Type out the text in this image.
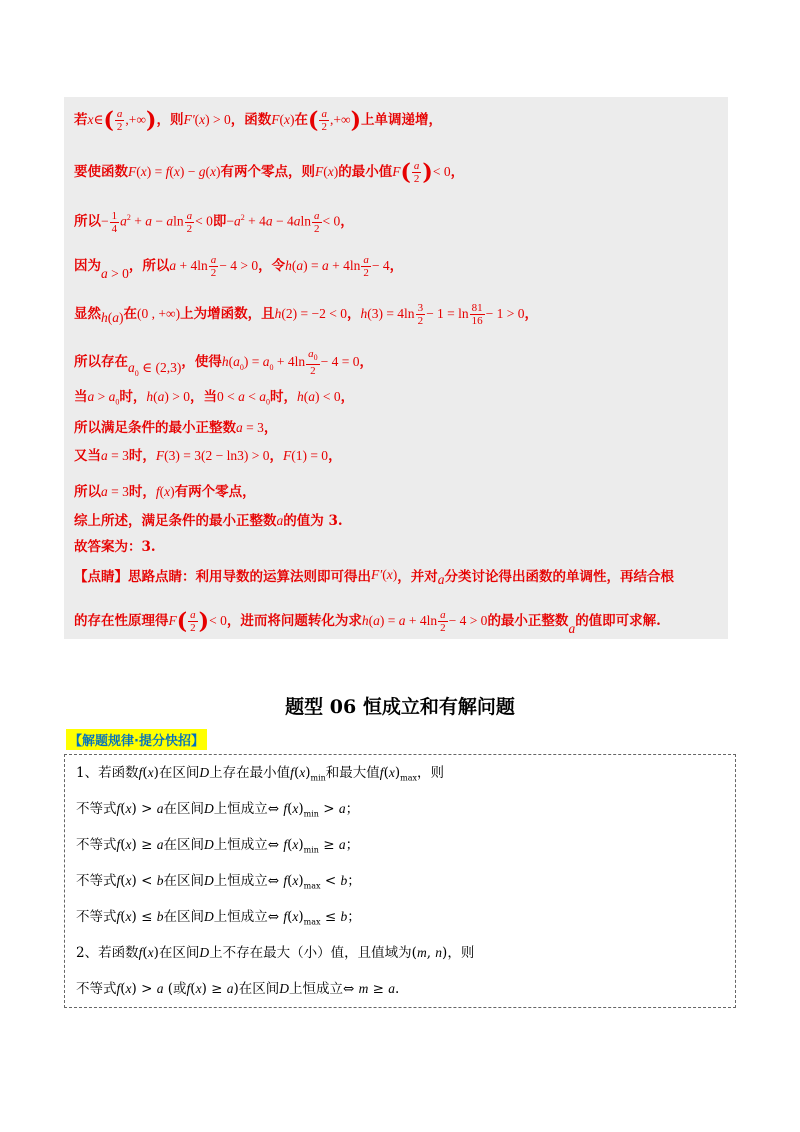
若x∈( $\frac{a}{2}$ ,+∞)，则F′(x) > 0，函数F(x)在( $\frac{a}{2}$ ,+∞)上单调递增，
要使函数F(x) = f(x) − g(x)有两个零点，则F(x)的最小值$F( \frac{a}{2}$ )< 0，
所以− $\frac{1}{4} a^2 + a - aln \frac{a}{2} < 0$即$-a^2 + 4a - 4aln \frac{a}{2} < 0$，
因为a > 0，所以$a + 4\ln \frac{a}{2} - 4 > 0$，令$h(a) = a + 4\ln \frac{a}{2} - 4$，
显然h(a)在(0 , +∞)上为增函数，且h(2) = −2 < 0，$h(3) = 4\ln \frac{3}{2} - 1 = \ln \frac{81}{16} - 1 > 0$，
所以存在$a_0$ ∈ (2,3)，使得$h(a_0) = a_0 + 4\ln \frac{a_0}{2} - 4 = 0$，
当$a > a_0$时，h(a) > 0，当$0 < a < a_0$时，h(a) < 0，
所以满足条件的最小正整数a = 3，
又当a = 3时，F(3) = 3(2 − ln3) > 0，F(1) = 0，
所以a = 3时，f(x)有两个零点，
综上所述，满足条件的最小正整数a的值为 3.
故答案为：3.
【点睛】思路点睛：利用导数的运算法则即可得出F′(x)，并对a分类讨论得出函数的单调性，再结合根
的存在性原理得$F( \frac{a}{2}$ )< 0，进而将问题转化为求$h(a) = a + 4\ln \frac{a}{2} - 4 > 0$的最小正整数a的值即可求解.
题型 06 恒成立和有解问题
【解题规律·提分快招】
1、若函数f(x)在区间D上存在最小值$f(x)_{min}$和最大值$f(x)_{max}$，则
不等式f(x) > a在区间D上恒成立⇔ $f(x)_{min} > a$；
不等式f(x) ≥ a在区间D上恒成立⇔ $f(x)_{min} \ge a$；
不等式f(x) < b在区间D上恒成立⇔ $f(x)_{max} < b$；
不等式f(x) ≤ b在区间D上恒成立⇔ $f(x)_{max} \le b$；
2、若函数f(x)在区间D上不存在最大（小）值，且值域为(m, n)，则
不等式f(x) > a (或f(x) ≥ a)在区间D上恒成立⇔ m ≥ a.
